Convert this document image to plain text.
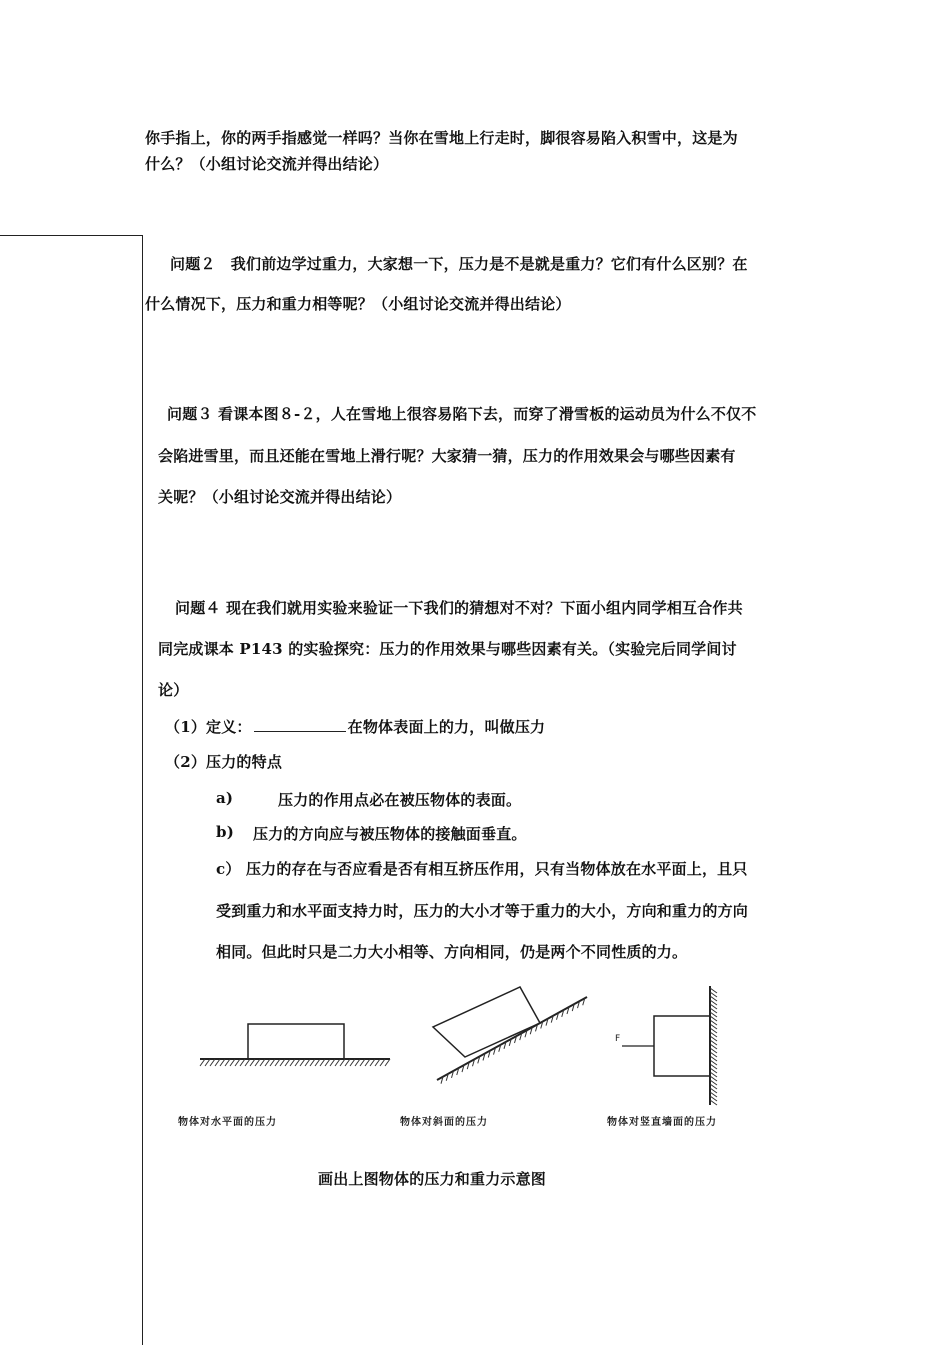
你手指上，你的两手指感觉一样吗？当你在雪地上行走时，脚很容易陷入积雪中，这是为
什么？（小组讨论交流并得出结论）
问题２　我们前边学过重力，大家想一下，压力是不是就是重力？它们有什么区别？在
什么情况下，压力和重力相等呢？（小组讨论交流并得出结论）
问题３ 看课本图８-２，人在雪地上很容易陷下去，而穿了滑雪板的运动员为什么不仅不
会陷进雪里，而且还能在雪地上滑行呢？大家猜一猜，压力的作用效果会与哪些因素有
关呢？（小组讨论交流并得出结论）
问题４ 现在我们就用实验来验证一下我们的猜想对不对？下面小组内同学相互合作共
同完成课本 P143 的实验探究：压力的作用效果与哪些因素有关。（实验完后同学间讨
论）
（1）定义：	在物体表面上的力，叫做压力
（2）压力的特点
a)	压力的作用点必在被压物体的表面。
b) 压力的方向应与被压物体的接触面垂直。
c） 压力的存在与否应看是否有相互挤压作用，只有当物体放在水平面上，且只
受到重力和水平面支持力时，压力的大小才等于重力的大小，方向和重力的方向
相同。但此时只是二力大小相等、方向相同，仍是两个不同性质的力。
物体对水平面的压力	物体对斜面的压力
F
物体对竖直墙面的压力
画出上图物体的压力和重力示意图
